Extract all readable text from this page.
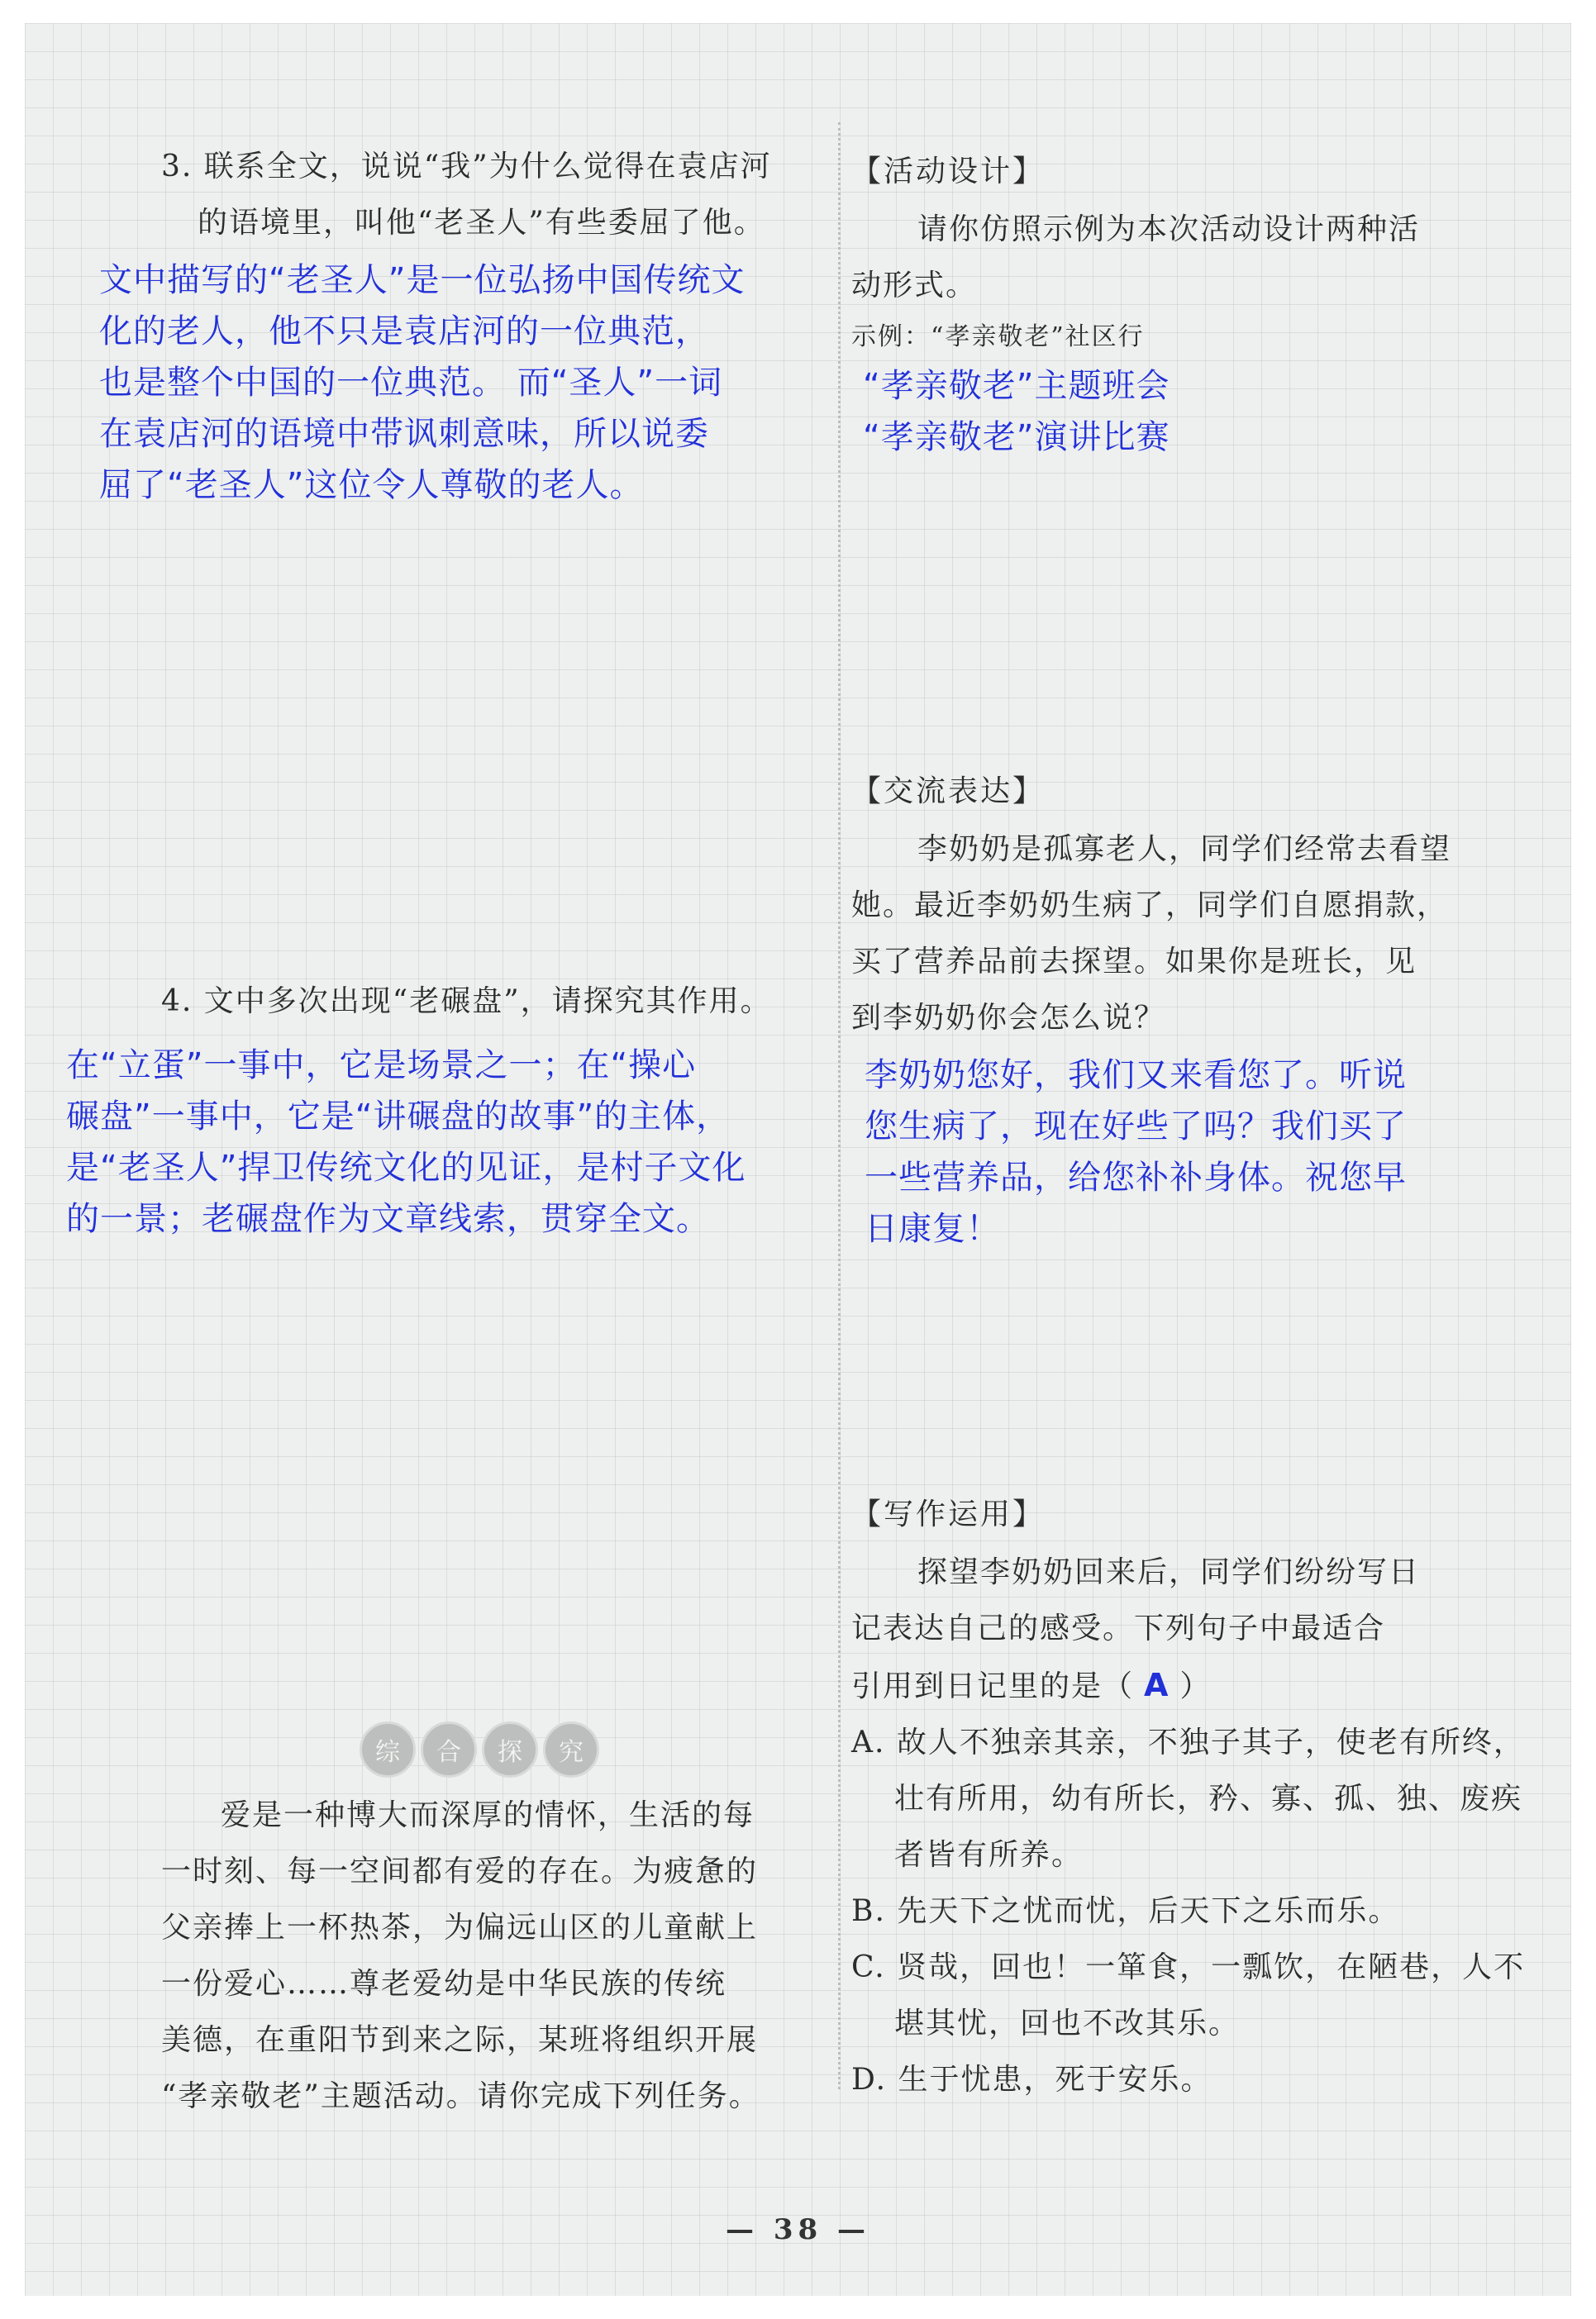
3. 联系全文，说说“我”为什么觉得在袁店河
的语境里，叫他“老圣人”有些委屈了他。
文中描写的“老圣人”是一位弘扬中国传统文
化的老人，他不只是袁店河的一位典范，
也是整个中国的一位典范。 而“圣人”一词
在袁店河的语境中带讽刺意味，所以说委
屈了“老圣人”这位令人尊敬的老人。
4. 文中多次出现“老碾盘”，请探究其作用。
在“立蛋”一事中，它是场景之一；在“操心
碾盘”一事中，它是“讲碾盘的故事”的主体，
是“老圣人”捍卫传统文化的见证，是村子文化
的一景；老碾盘作为文章线索，贯穿全文。
综	合	探	究
爱是一种博大而深厚的情怀，生活的每
一时刻、每一空间都有爱的存在。为疲惫的
父亲捧上一杯热茶，为偏远山区的儿童献上
一份爱心……尊老爱幼是中华民族的传统
美德，在重阳节到来之际，某班将组织开展
“孝亲敬老”主题活动。请你完成下列任务。
【活动设计】
请你仿照示例为本次活动设计两种活
动形式。
示例：“孝亲敬老”社区行
“孝亲敬老”主题班会
“孝亲敬老”演讲比赛
【交流表达】
李奶奶是孤寡老人，同学们经常去看望
她。最近李奶奶生病了，同学们自愿捐款，
买了营养品前去探望。如果你是班长，见
到李奶奶你会怎么说？
李奶奶您好，我们又来看您了。听说
您生病了，现在好些了吗？我们买了
一些营养品，给您补补身体。祝您早
日康复！
【写作运用】
探望李奶奶回来后，同学们纷纷写日
记表达自己的感受。下列句子中最适合
引用到日记里的是（ A ）
A. 故人不独亲其亲，不独子其子，使老有所终，壮有所用，幼有所长，矜、寡、孤、独、废疾者皆有所养。
B. 先天下之忧而忧，后天下之乐而乐。
C. 贤哉，回也！一箪食，一瓢饮，在陋巷，人不堪其忧，回也不改其乐。
D. 生于忧患，死于安乐。
— 38 —
